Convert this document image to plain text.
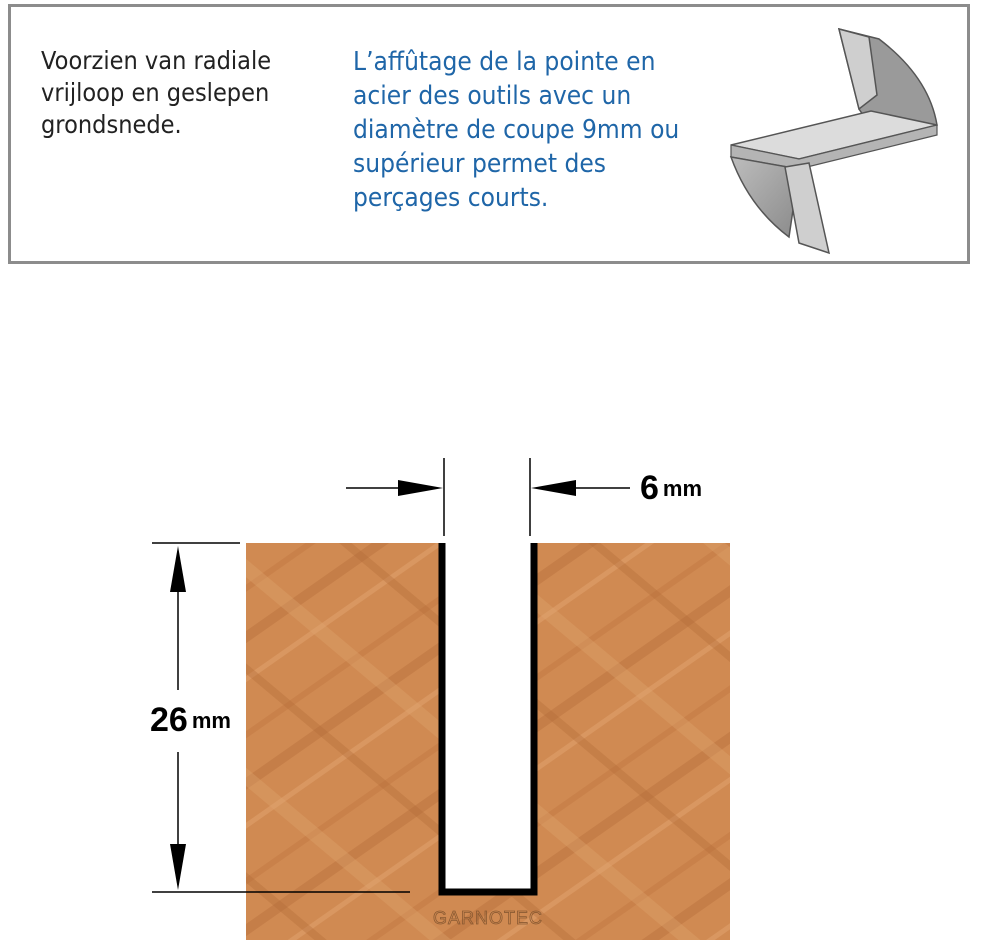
Voorzien van radiale vrijloop en geslepen grondsnede.
L’affûtage de la pointe en acier des outils avec un diamètre de coupe 9mm ou supérieur permet des perçages courts.
6 mm
26 mm
GARNOTEC
